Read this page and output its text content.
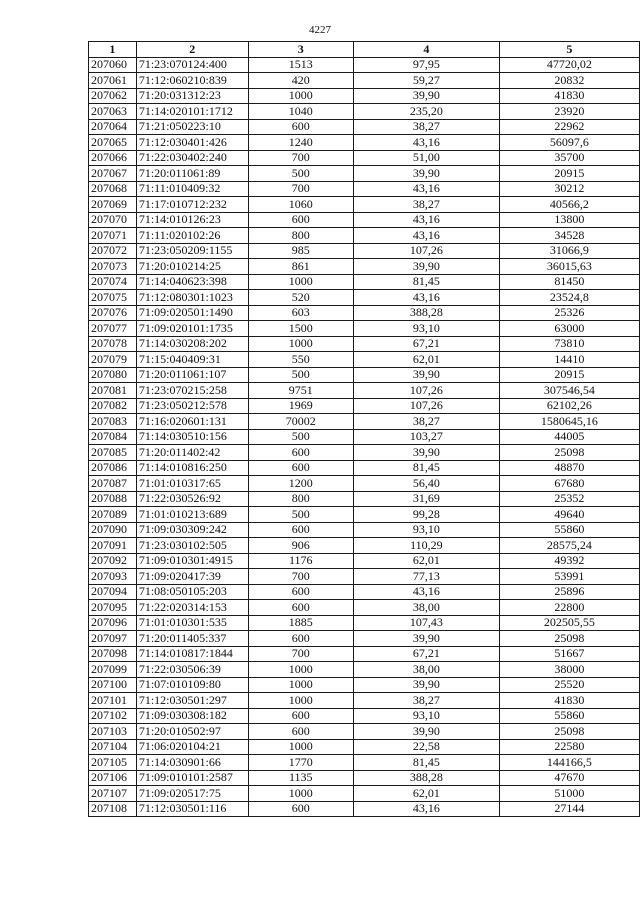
4227
1	2	3	4	5
207060	71:23:070124:400	1513	97,95	47720,02
207061	71:12:060210:839	420	59,27	20832
207062	71:20:031312:23	1000	39,90	41830
207063	71:14:020101:1712	1040	235,20	23920
207064	71:21:050223:10	600	38,27	22962
207065	71:12:030401:426	1240	43,16	56097,6
207066	71:22:030402:240	700	51,00	35700
207067	71:20:011061:89	500	39,90	20915
207068	71:11:010409:32	700	43,16	30212
207069	71:17:010712:232	1060	38,27	40566,2
207070	71:14:010126:23	600	43,16	13800
207071	71:11:020102:26	800	43,16	34528
207072	71:23:050209:1155	985	107,26	31066,9
207073	71:20:010214:25	861	39,90	36015,63
207074	71:14:040623:398	1000	81,45	81450
207075	71:12:080301:1023	520	43,16	23524,8
207076	71:09:020501:1490	603	388,28	25326
207077	71:09:020101:1735	1500	93,10	63000
207078	71:14:030208:202	1000	67,21	73810
207079	71:15:040409:31	550	62,01	14410
207080	71:20:011061:107	500	39,90	20915
207081	71:23:070215:258	9751	107,26	307546,54
207082	71:23:050212:578	1969	107,26	62102,26
207083	71:16:020601:131	70002	38,27	1580645,16
207084	71:14:030510:156	500	103,27	44005
207085	71:20:011402:42	600	39,90	25098
207086	71:14:010816:250	600	81,45	48870
207087	71:01:010317:65	1200	56,40	67680
207088	71:22:030526:92	800	31,69	25352
207089	71:01:010213:689	500	99,28	49640
207090	71:09:030309:242	600	93,10	55860
207091	71:23:030102:505	906	110,29	28575,24
207092	71:09:010301:4915	1176	62,01	49392
207093	71:09:020417:39	700	77,13	53991
207094	71:08:050105:203	600	43,16	25896
207095	71:22:020314:153	600	38,00	22800
207096	71:01:010301:535	1885	107,43	202505,55
207097	71:20:011405:337	600	39,90	25098
207098	71:14:010817:1844	700	67,21	51667
207099	71:22:030506:39	1000	38,00	38000
207100	71:07:010109:80	1000	39,90	25520
207101	71:12:030501:297	1000	38,27	41830
207102	71:09:030308:182	600	93,10	55860
207103	71:20:010502:97	600	39,90	25098
207104	71:06:020104:21	1000	22,58	22580
207105	71:14:030901:66	1770	81,45	144166,5
207106	71:09:010101:2587	1135	388,28	47670
207107	71:09:020517:75	1000	62,01	51000
207108	71:12:030501:116	600	43,16	27144
